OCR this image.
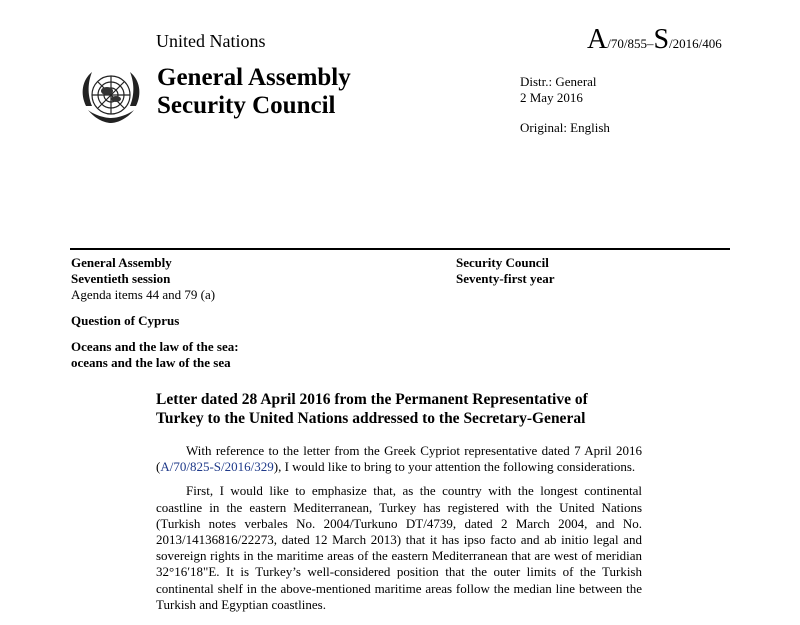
United Nations	A/70/855–S/2016/406
General Assembly
Security Council
Distr.: General
2 May 2016
Original: English
General Assembly
Seventieth session
Agenda items 44 and 79 (a)
Question of Cyprus
Oceans and the law of the sea:
oceans and the law of the sea
Security Council
Seventy-first year
Letter dated 28 April 2016 from the Permanent Representative of
Turkey to the United Nations addressed to the Secretary-General

With reference to the letter from the Greek Cypriot representative dated 7 April 2016 (A/70/825-S/2016/329), I would like to bring to your attention the following considerations.

First, I would like to emphasize that, as the country with the longest continental coastline in the eastern Mediterranean, Turkey has registered with the United Nations (Turkish notes verbales No. 2004/Turkuno DT/4739, dated 2 March 2004, and No. 2013/14136816/22273, dated 12 March 2013) that it has ipso facto and ab initio legal and sovereign rights in the maritime areas of the eastern Mediterranean that are west of meridian 32°16′18"E. It is Turkey’s well-considered position that the outer limits of the Turkish continental shelf in the above-mentioned maritime areas follow the median line between the Turkish and Egyptian coastlines.
